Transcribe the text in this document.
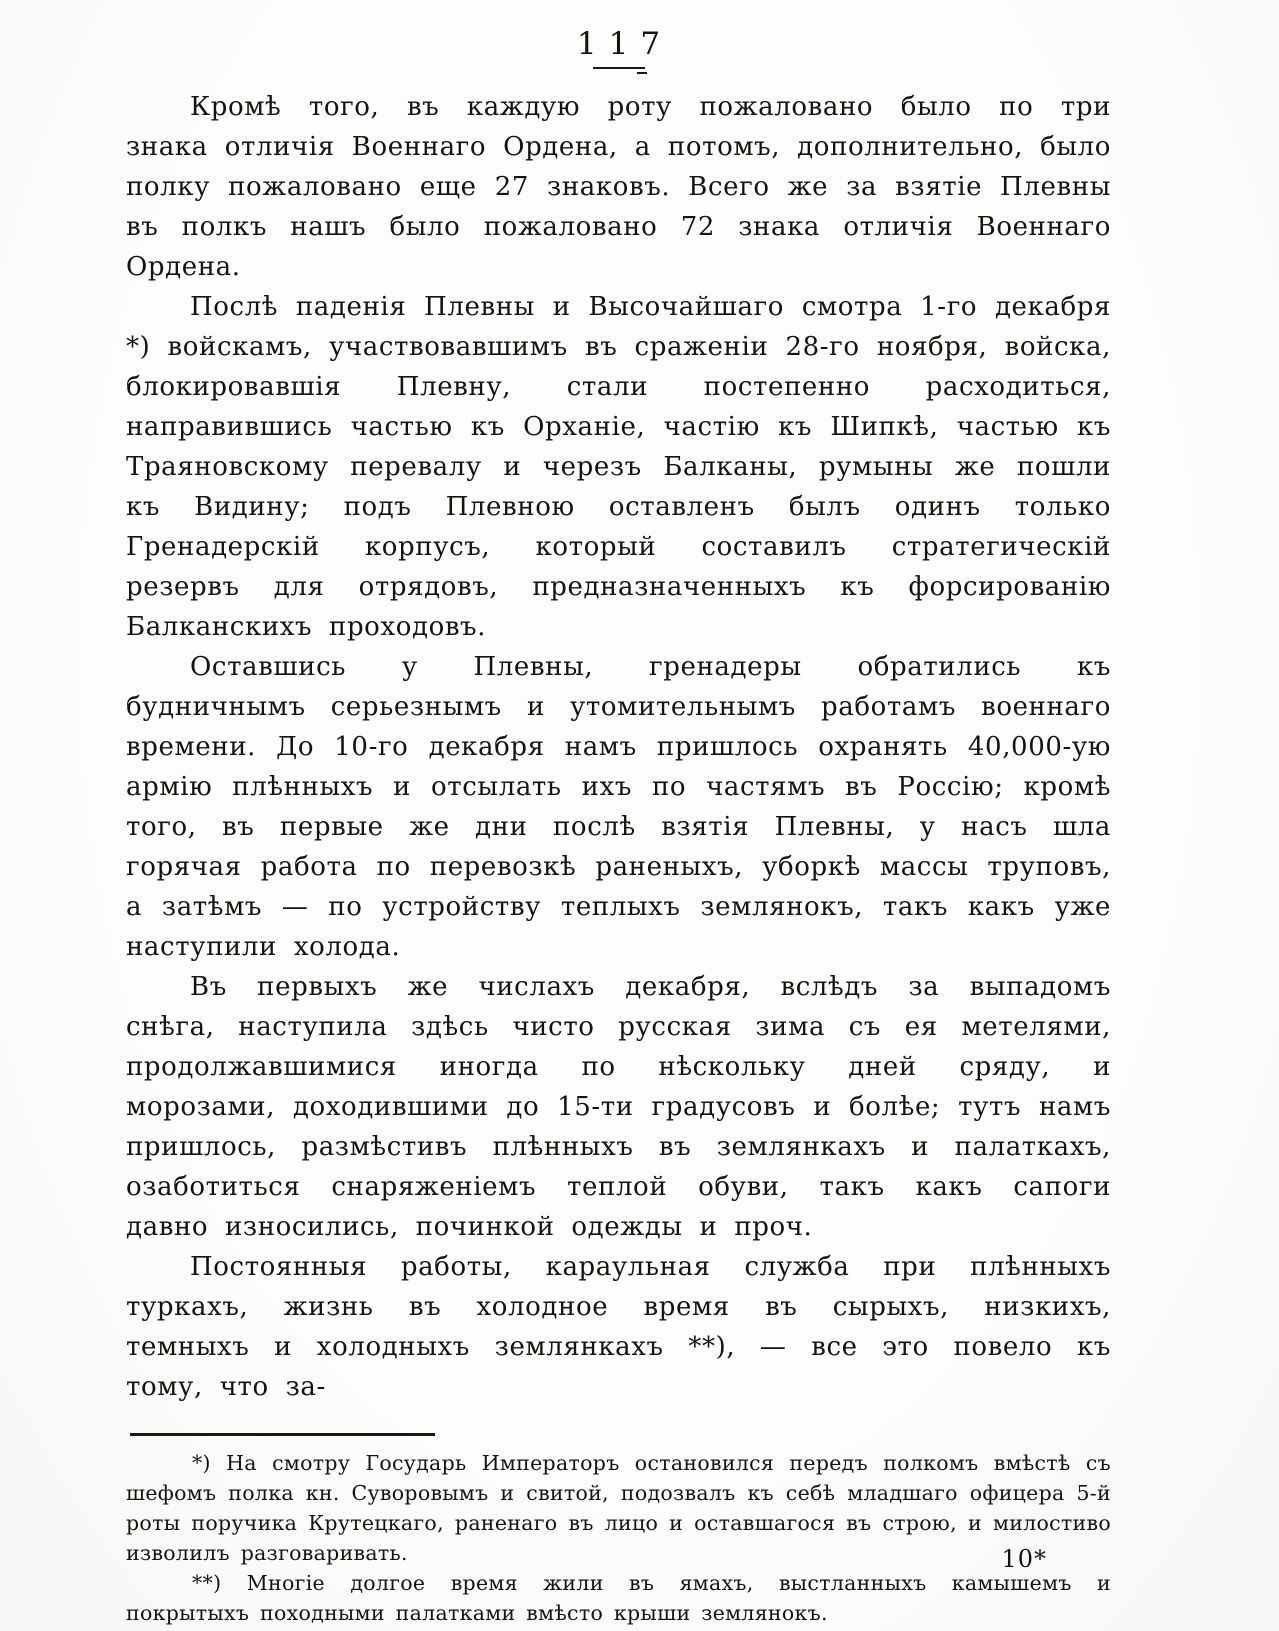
117

Кромѣ того, въ каждую роту пожаловано было по три знака отличія Военнаго Ордена, а потомъ, дополнительно, было полку пожаловано еще 27 знаковъ. Всего же за взятіе Плевны въ полкъ нашъ было пожаловано 72 знака отличія Военнаго Ордена.

Послѣ паденія Плевны и Высочайшаго смотра 1-го декабря *) войскамъ, участвовавшимъ въ сраженіи 28-го ноября, войска, блокировавшія Плевну, стали постепенно расходиться, направившись частью къ Орханіе, частію къ Шипкѣ, частью къ Траяновскому перевалу и черезъ Балканы, румыны же пошли къ Видину; подъ Плевною оставленъ былъ одинъ только Гренадерскій корпусъ, который составилъ стратегическій резервъ для отрядовъ, предназначенныхъ къ форсированію Балканскихъ проходовъ.

Оставшись у Плевны, гренадеры обратились къ будничнымъ серьезнымъ и утомительнымъ работамъ военнаго времени. До 10-го декабря намъ пришлось охранять 40,000-ую армію плѣнныхъ и отсылать ихъ по частямъ въ Россію; кромѣ того, въ первые же дни послѣ взятія Плевны, у насъ шла горячая работа по перевозкѣ раненыхъ, уборкѣ массы труповъ, а затѣмъ — по устройству теплыхъ землянокъ, такъ какъ уже наступили холода.

Въ первыхъ же числахъ декабря, вслѣдъ за выпадомъ снѣга, наступила здѣсь чисто русская зима съ ея метелями, продолжавшимися иногда по нѣскольку дней сряду, и морозами, доходившими до 15-ти градусовъ и болѣе; тутъ намъ пришлось, размѣстивъ плѣнныхъ въ землянкахъ и палаткахъ, озаботиться снаряженіемъ теплой обуви, такъ какъ сапоги давно износились, починкой одежды и проч.

Постоянныя работы, караульная служба при плѣнныхъ туркахъ, жизнь въ холодное время въ сырыхъ, низкихъ, темныхъ и холодныхъ землянкахъ **), — все это повело къ тому, что за-

*) На смотру Государь Императоръ остановился передъ полкомъ вмѣстѣ съ шефомъ полка кн. Суворовымъ и свитой, подозвалъ къ себѣ младшаго офицера 5-й роты поручика Крутецкаго, раненаго въ лицо и оставшагося въ строю, и милостиво изволилъ разговаривать.

**) Многіе долгое время жили въ ямахъ, выстланныхъ камышемъ и покрытыхъ походными палатками вмѣсто крыши землянокъ.

10*
